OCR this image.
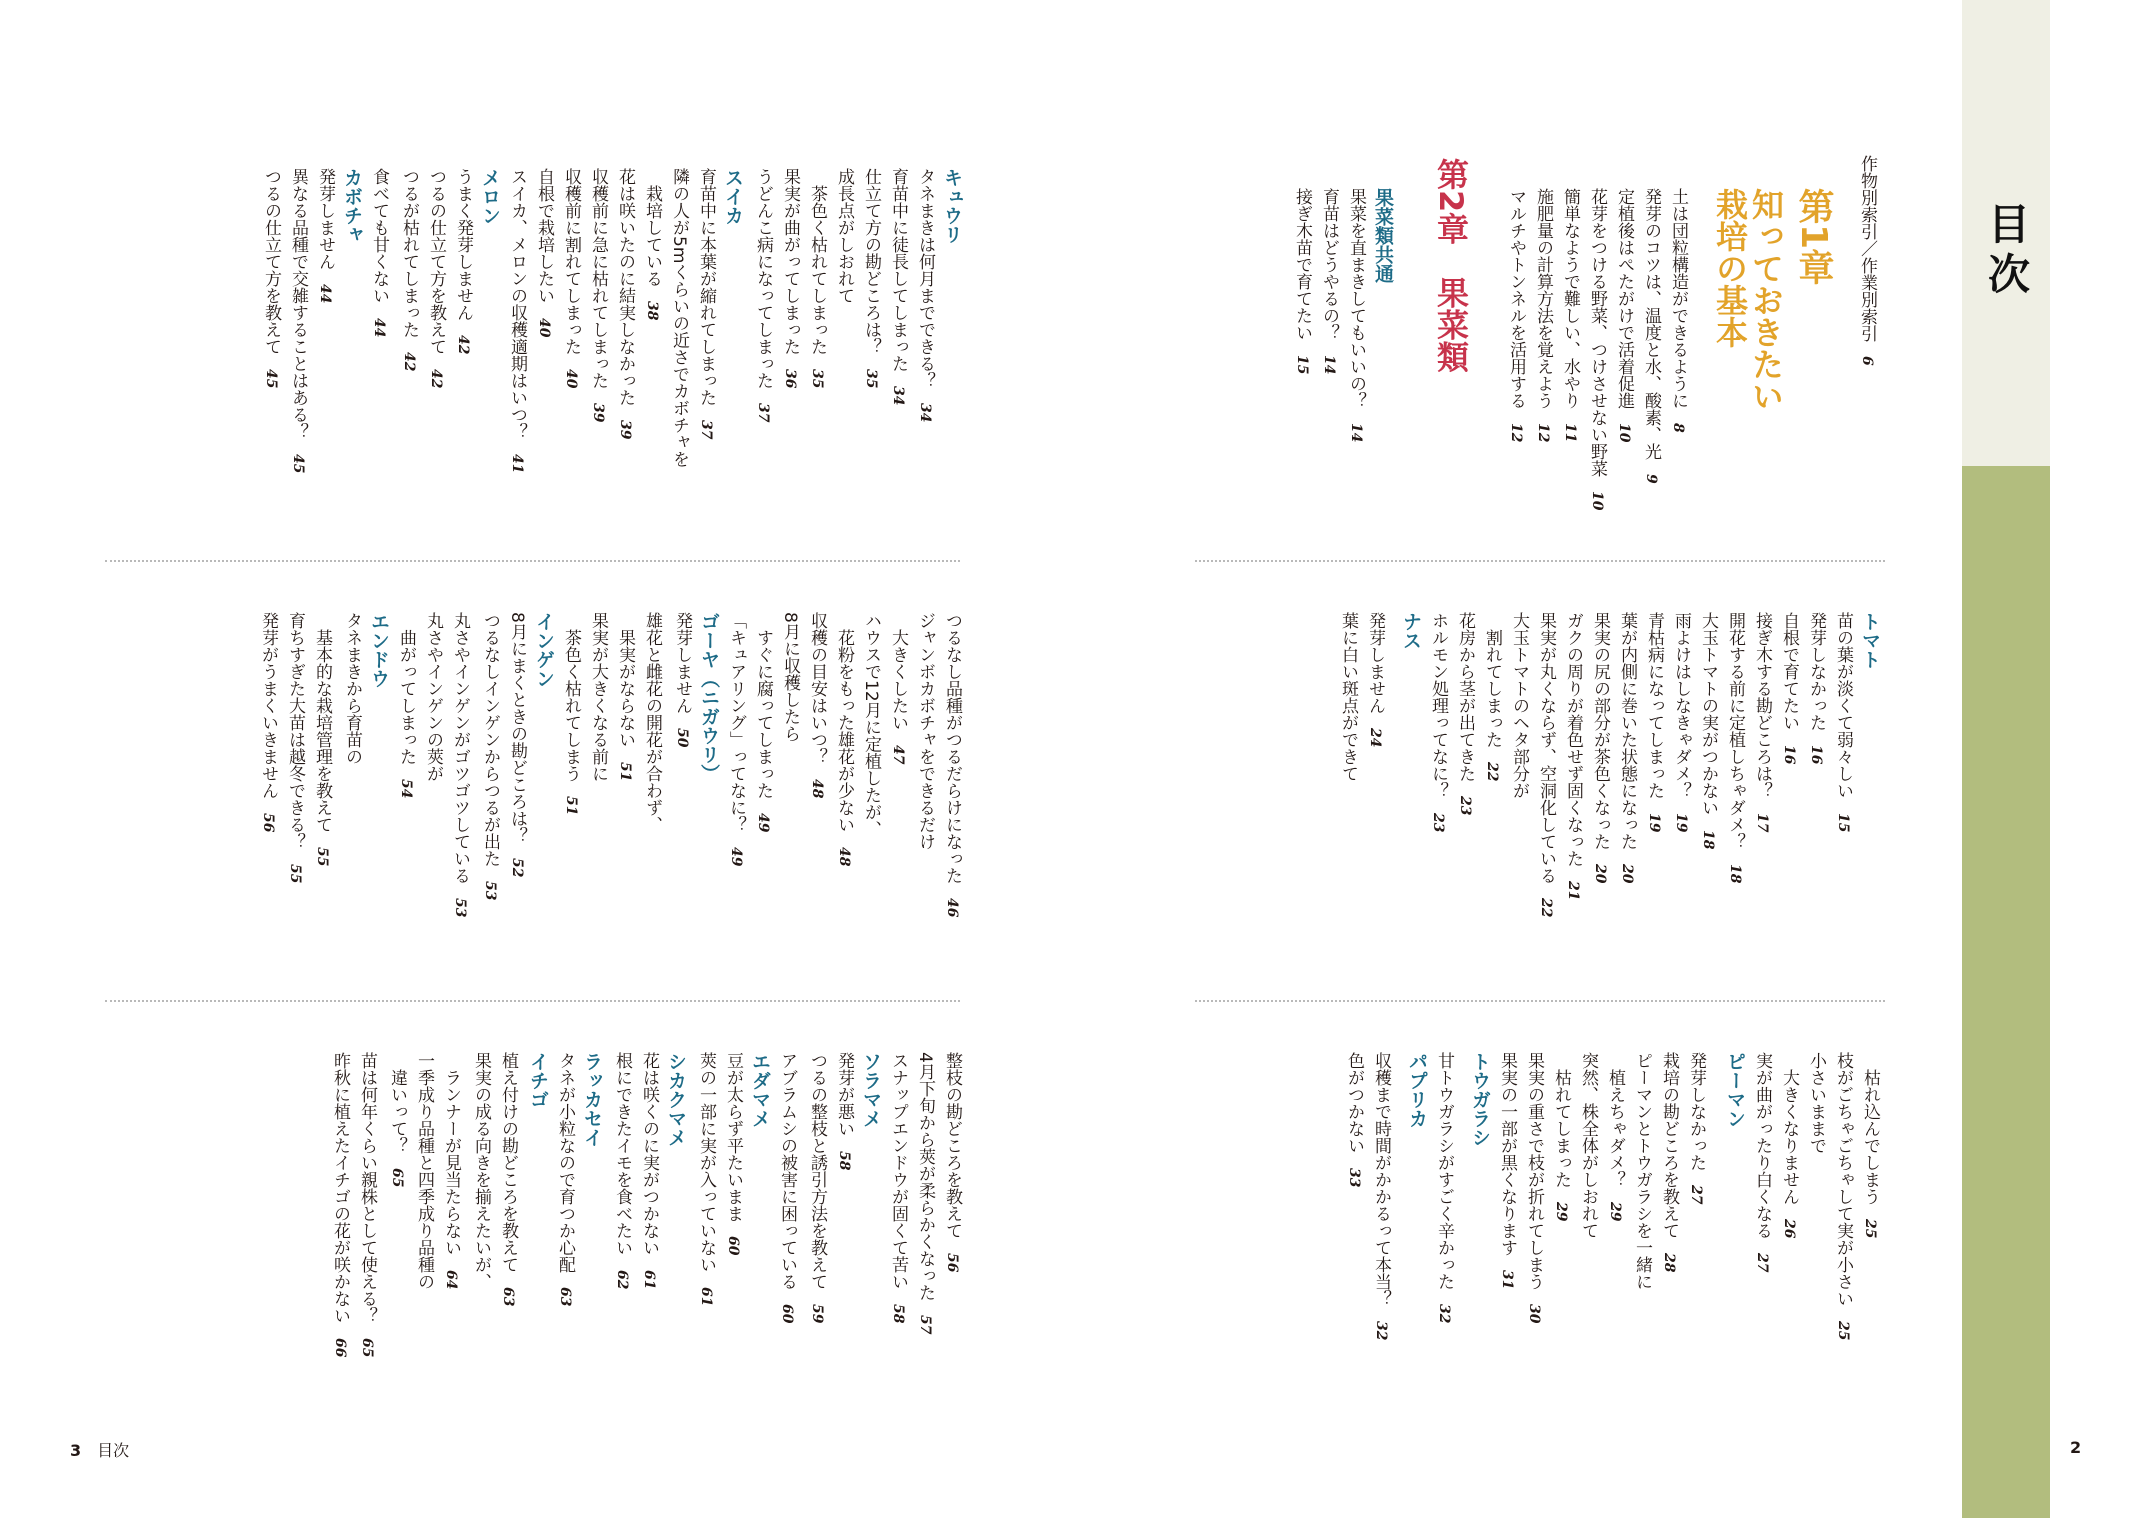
目次
作物別索引／作業別索引6
第1章
知っておきたい
栽培の基本
土は団粒構造ができるように8
発芽のコツは、温度と水、酸素、光9
定植後はぺたがけで活着促進10
花芽をつける野菜、つけさせない野菜10
簡単なようで難しい、水やり11
施肥量の計算方法を覚えよう12
マルチやトンネルを活用する12
第2章　果菜類
果菜類共通
果菜を直まきしてもいいの？14
育苗はどうやるの？14
接ぎ木苗で育てたい15
トマト
苗の葉が淡くて弱々しい15
発芽しなかった16
自根で育てたい16
接ぎ木する勘どころは？17
開花する前に定植しちゃダメ？18
大玉トマトの実がつかない18
雨よけはしなきゃダメ？19
青枯病になってしまった19
葉が内側に巻いた状態になった20
果実の尻の部分が茶色くなった20
ガクの周りが着色せず固くなった21
果実が丸くならず、空洞化している22
大玉トマトのヘタ部分が
　割れてしまった22
花房から茎が出てきた23
ホルモン処理ってなに？23
ナス
発芽しません24
葉に白い斑点ができて
　枯れ込んでしまう25
枝がごちゃごちゃして実が小さい25
小さいままで
　大きくなりません26
実が曲がったり白くなる27
ピーマン
発芽しなかった27
栽培の勘どころを教えて28
ピーマンとトウガラシを一緒に
　植えちゃダメ？29
突然、株全体がしおれて
　枯れてしまった29
果実の重さで枝が折れてしまう30
果実の一部が黒くなります31
トウガラシ
甘トウガラシがすごく辛かった32
パプリカ
収穫まで時間がかかるって本当？32
色がつかない33
キュウリ
タネまきは何月までできる？34
育苗中に徒長してしまった34
仕立て方の勘どころは？35
成長点がしおれて
　茶色く枯れてしまった35
果実が曲がってしまった36
うどんこ病になってしまった37
スイカ
育苗中に本葉が縮れてしまった37
隣の人が5mくらいの近さでカボチャを
　栽培している38
花は咲いたのに結実しなかった39
収穫前に急に枯れてしまった39
収穫前に割れてしまった40
自根で栽培したい40
スイカ、メロンの収穫適期はいつ？41
メロン
うまく発芽しません42
つるの仕立て方を教えて42
つるが枯れてしまった42
食べても甘くない44
カボチャ
発芽しません44
異なる品種で交雑することはある？45
つるの仕立て方を教えて45
つるなし品種がつるだらけになった46
ジャンボカボチャをできるだけ
　大きくしたい47
ハウスで12月に定植したが、
　花粉をもった雄花が少ない48
収穫の目安はいつ？48
8月に収穫したら
　すぐに腐ってしまった49
「キュアリング」ってなに？49
ゴーヤ（ニガウリ）
発芽しません50
雄花と雌花の開花が合わず、
　果実がならない51
果実が大きくなる前に
　茶色く枯れてしまう51
インゲン
8月にまくときの勘どころは？52
つるなしインゲンからつるが出た53
丸さやインゲンがゴツゴツしている53
丸さやインゲンの莢が
　曲がってしまった54
エンドウ
タネまきから育苗の
　基本的な栽培管理を教えて55
育ちすぎた大苗は越冬できる？55
発芽がうまくいきません56
整枝の勘どころを教えて56
4月下旬から莢が柔らかくなった57
スナップエンドウが固くて苦い58
ソラマメ
発芽が悪い58
つるの整枝と誘引方法を教えて59
アブラムシの被害に困っている60
エダマメ
豆が太らず平たいまま60
莢の一部に実が入っていない61
シカクマメ
花は咲くのに実がつかない61
根にできたイモを食べたい62
ラッカセイ
タネが小粒なので育つか心配63
イチゴ
植え付けの勘どころを教えて63
果実の成る向きを揃えたいが、
　ランナーが見当たらない64
一季成り品種と四季成り品種の
　違いって？65
苗は何年くらい親株として使える？65
昨秋に植えたイチゴの花が咲かない66
3 目次	2
